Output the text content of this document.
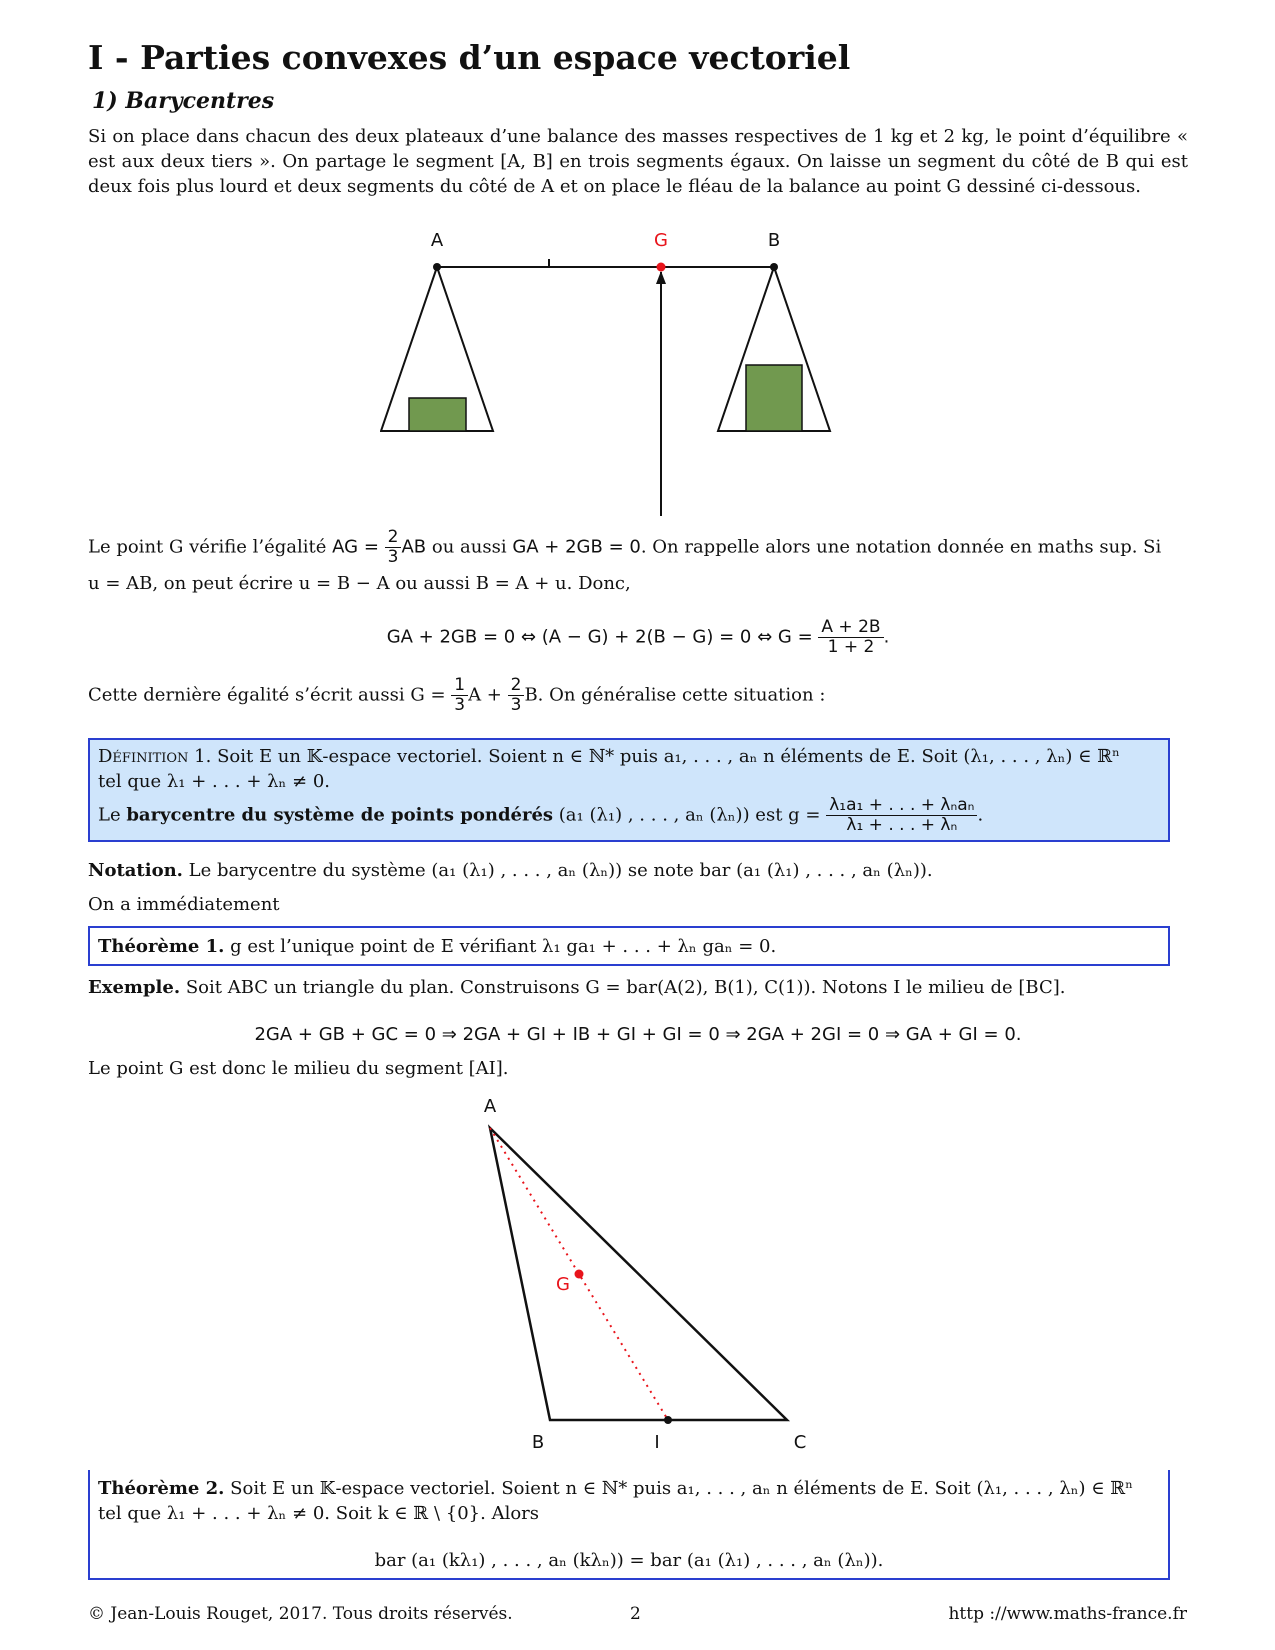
I - Parties convexes d’un espace vectoriel
1) Barycentres
Si on place dans chacun des deux plateaux d’une balance des masses respectives de 1 kg et 2 kg, le point d’équilibre « est aux deux tiers ». On partage le segment [A, B] en trois segments égaux. On laisse un segment du côté de B qui est deux fois plus lourd et deux segments du côté de A et on place le fléau de la balance au point G dessiné ci-dessous.
A	G	B
Le point G vérifie l’égalité AG = $\frac{2}{3}$ AB ou aussi GA + 2GB = 0. On rappelle alors une notation donnée en maths sup. Si
u = AB, on peut écrire u = B − A ou aussi B = A + u. Donc,
GA + 2GB = 0 ⇔ (A − G) + 2(B − G) = 0 ⇔ $G = \frac{A + 2B}{1 + 2}$ .
Cette dernière égalité s’écrit aussi $G = \frac{1}{3}$ $A + \frac{2}{3} B$. On généralise cette situation :
Définition 1. Soit E un 𝕂-espace vectoriel. Soient n ∈ ℕ* puis a₁, . . . , aₙ n éléments de E. Soit (λ₁, . . . , λₙ) ∈ ℝⁿ
tel que λ₁ + . . . + λₙ ≠ 0.
Le barycentre du système de points pondérés (a₁ (λ₁) , . . . , aₙ (λₙ)) est $g = \frac{\text{λ₁a₁ + . . . + λₙaₙ}}{\text{λ₁ + . . . + λₙ}}$ .
Notation. Le barycentre du système (a₁ (λ₁) , . . . , aₙ (λₙ)) se note bar (a₁ (λ₁) , . . . , aₙ (λₙ)).
On a immédiatement
Théorème 1. g est l’unique point de E vérifiant λ₁ ga₁ + . . . + λₙ gaₙ = 0.
Exemple. Soit ABC un triangle du plan. Construisons G = bar(A(2), B(1), C(1)). Notons I le milieu de [BC].
2GA + GB + GC = 0 ⇒ 2GA + GI + IB + GI + GI = 0 ⇒ 2GA + 2GI = 0 ⇒ GA + GI = 0.
Le point G est donc le milieu du segment [AI].
A
G
B	I	C
Théorème 2. Soit E un 𝕂-espace vectoriel. Soient n ∈ ℕ* puis a₁, . . . , aₙ n éléments de E. Soit (λ₁, . . . , λₙ) ∈ ℝⁿ
tel que λ₁ + . . . + λₙ ≠ 0. Soit k ∈ ℝ \ {0}. Alors
bar (a₁ (kλ₁) , . . . , aₙ (kλₙ)) = bar (a₁ (λ₁) , . . . , aₙ (λₙ)).
© Jean-Louis Rouget, 2017. Tous droits réservés.	2	http ://www.maths-france.fr
